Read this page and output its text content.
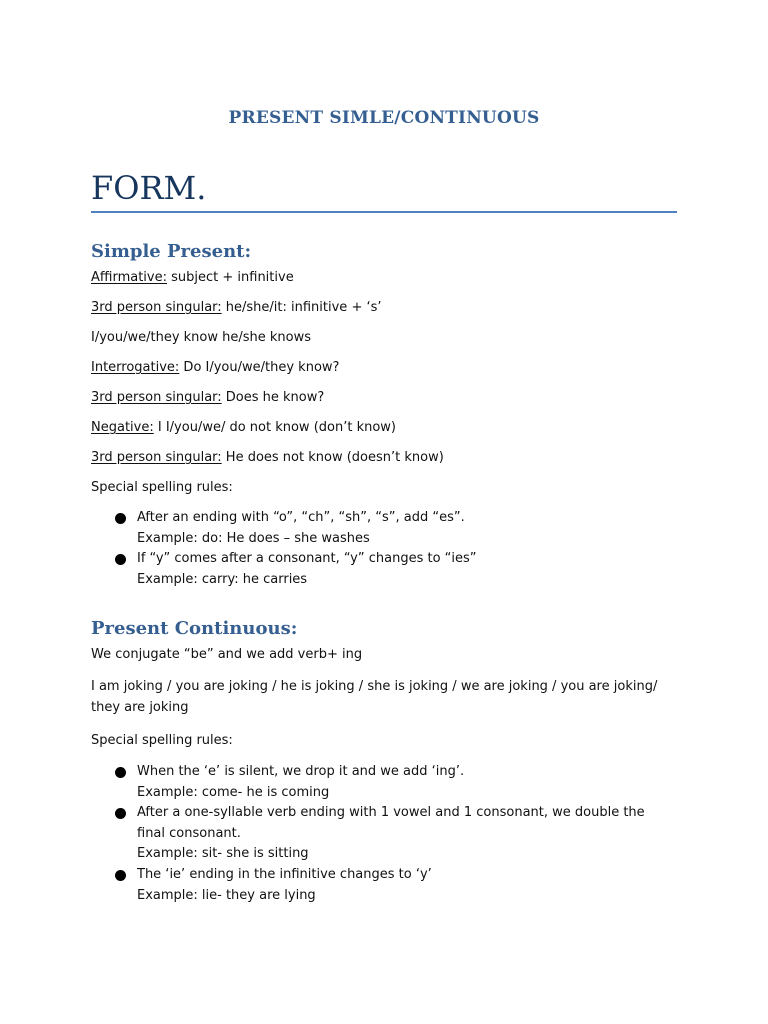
PRESENT SIMLE/CONTINUOUS
FORM.
Simple Present:
Affirmative: subject + infinitive
3rd person singular: he/she/it: infinitive + ‘s’
I/you/we/they know he/she knows
Interrogative: Do I/you/we/they know?
3rd person singular: Does he know?
Negative: I I/you/we/ do not know (don’t know)
3rd person singular: He does not know (doesn’t know)
Special spelling rules:
After an ending with “o”, “ch”, “sh”, “s”, add “es”.
Example: do: He does – she washes
If “y” comes after a consonant, “y” changes to “ies”
Example: carry: he carries
Present Continuous:
We conjugate “be” and we add verb+ ing
I am joking / you are joking / he is joking / she is joking / we are joking / you are joking/ they are joking
Special spelling rules:
When the ‘e’ is silent, we drop it and we add ‘ing’.
Example: come- he is coming
After a one-syllable verb ending with 1 vowel and 1 consonant, we double the final consonant.
Example: sit- she is sitting
The ‘ie’ ending in the infinitive changes to ‘y’
Example: lie- they are lying
